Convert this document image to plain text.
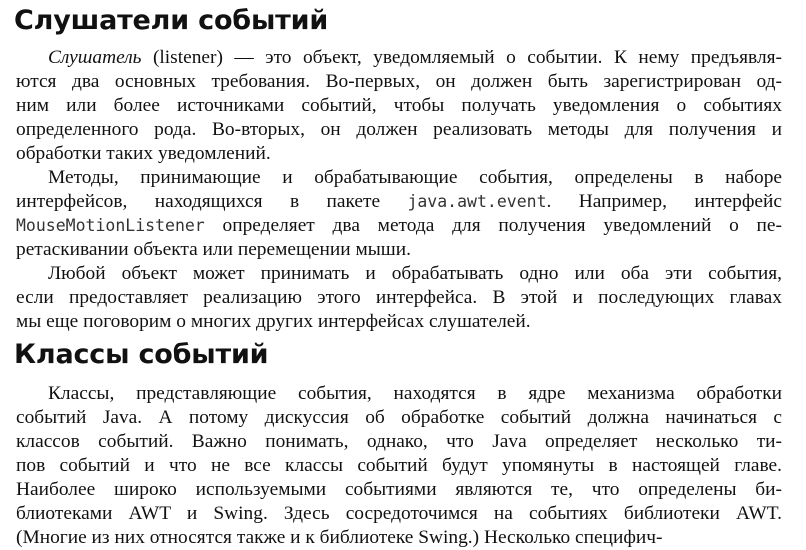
Слушатели событий
Слушатель (listener) — это объект, уведомляемый о событии. К нему предъявля-
ются два основных требования. Во-первых, он должен быть зарегистрирован од-
ним или более источниками событий, чтобы получать уведомления о событиях
определенного рода. Во-вторых, он должен реализовать методы для получения и
обработки таких уведомлений.
Методы, принимающие и обрабатывающие события, определены в наборе
интерфейсов, находящихся в пакете java.awt.event. Например, интерфейс
MouseMotionListener определяет два метода для получения уведомлений о пе-
ретаскивании объекта или перемещении мыши.
Любой объект может принимать и обрабатывать одно или оба эти события,
если предоставляет реализацию этого интерфейса. В этой и последующих главах
мы еще поговорим о многих других интерфейсах слушателей.
Классы событий
Классы, представляющие события, находятся в ядре механизма обработки
событий Java. А потому дискуссия об обработке событий должна начинаться с
классов событий. Важно понимать, однако, что Java определяет несколько ти-
пов событий и что не все классы событий будут упомянуты в настоящей главе.
Наиболее широко используемыми событиями являются те, что определены би-
блиотеками AWT и Swing. Здесь сосредоточимся на событиях библиотеки AWT.
(Многие из них относятся также и к библиотеке Swing.) Несколько специфич-
